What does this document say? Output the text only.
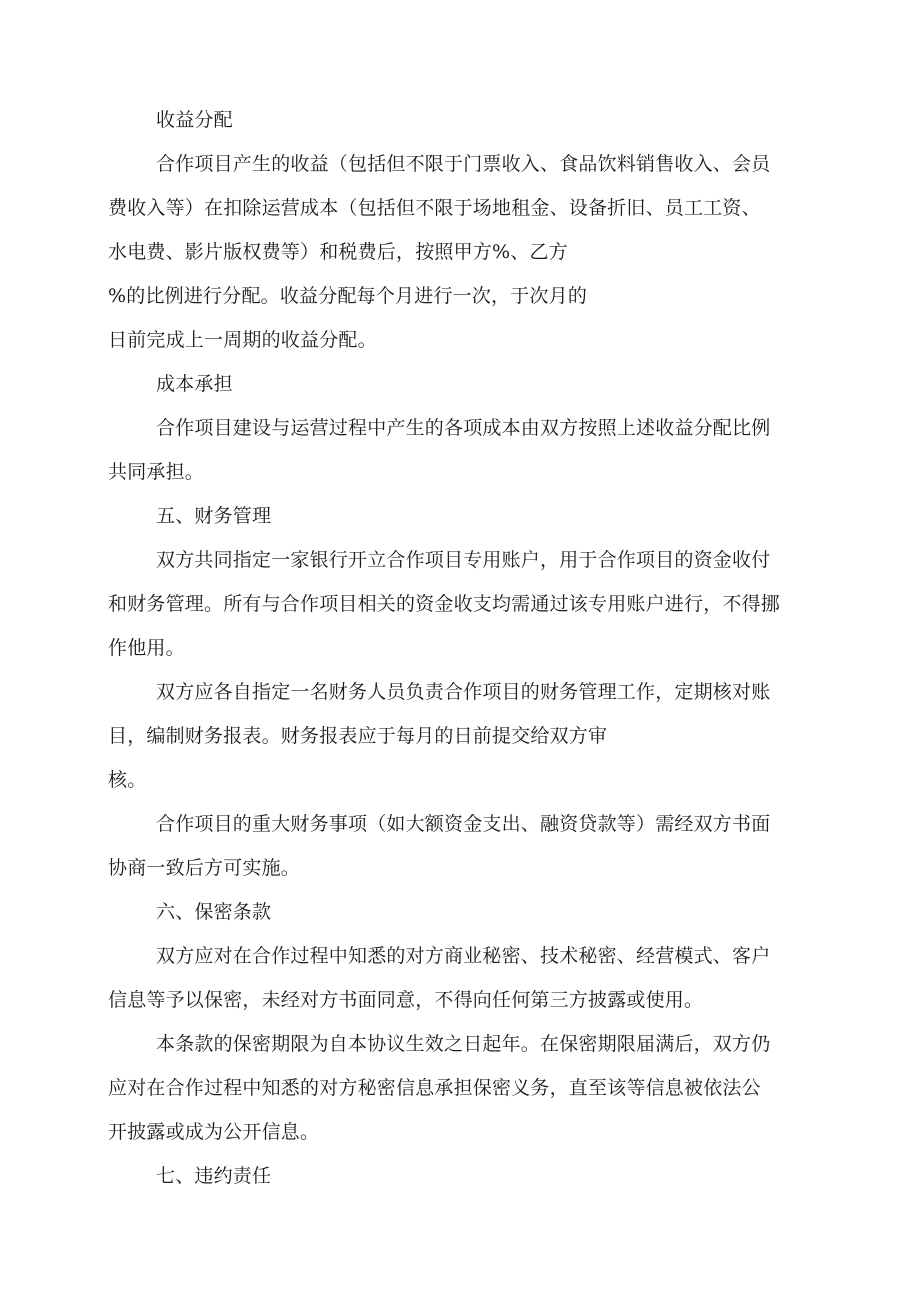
收益分配
合作项目产生的收益（包括但不限于门票收入、食品饮料销售收入、会员
费收入等）在扣除运营成本（包括但不限于场地租金、设备折旧、员工工资、
水电费、影片版权费等）和税费后，按照甲方%、乙方
%的比例进行分配。收益分配每个月进行一次，于次月的
日前完成上一周期的收益分配。
成本承担
合作项目建设与运营过程中产生的各项成本由双方按照上述收益分配比例
共同承担。
五、财务管理
双方共同指定一家银行开立合作项目专用账户，用于合作项目的资金收付
和财务管理。所有与合作项目相关的资金收支均需通过该专用账户进行，不得挪
作他用。
双方应各自指定一名财务人员负责合作项目的财务管理工作，定期核对账
目，编制财务报表。财务报表应于每月的日前提交给双方审
核。
合作项目的重大财务事项（如大额资金支出、融资贷款等）需经双方书面
协商一致后方可实施。
六、保密条款
双方应对在合作过程中知悉的对方商业秘密、技术秘密、经营模式、客户
信息等予以保密，未经对方书面同意，不得向任何第三方披露或使用。
本条款的保密期限为自本协议生效之日起年。在保密期限届满后，双方仍
应对在合作过程中知悉的对方秘密信息承担保密义务，直至该等信息被依法公
开披露或成为公开信息。
七、违约责任
